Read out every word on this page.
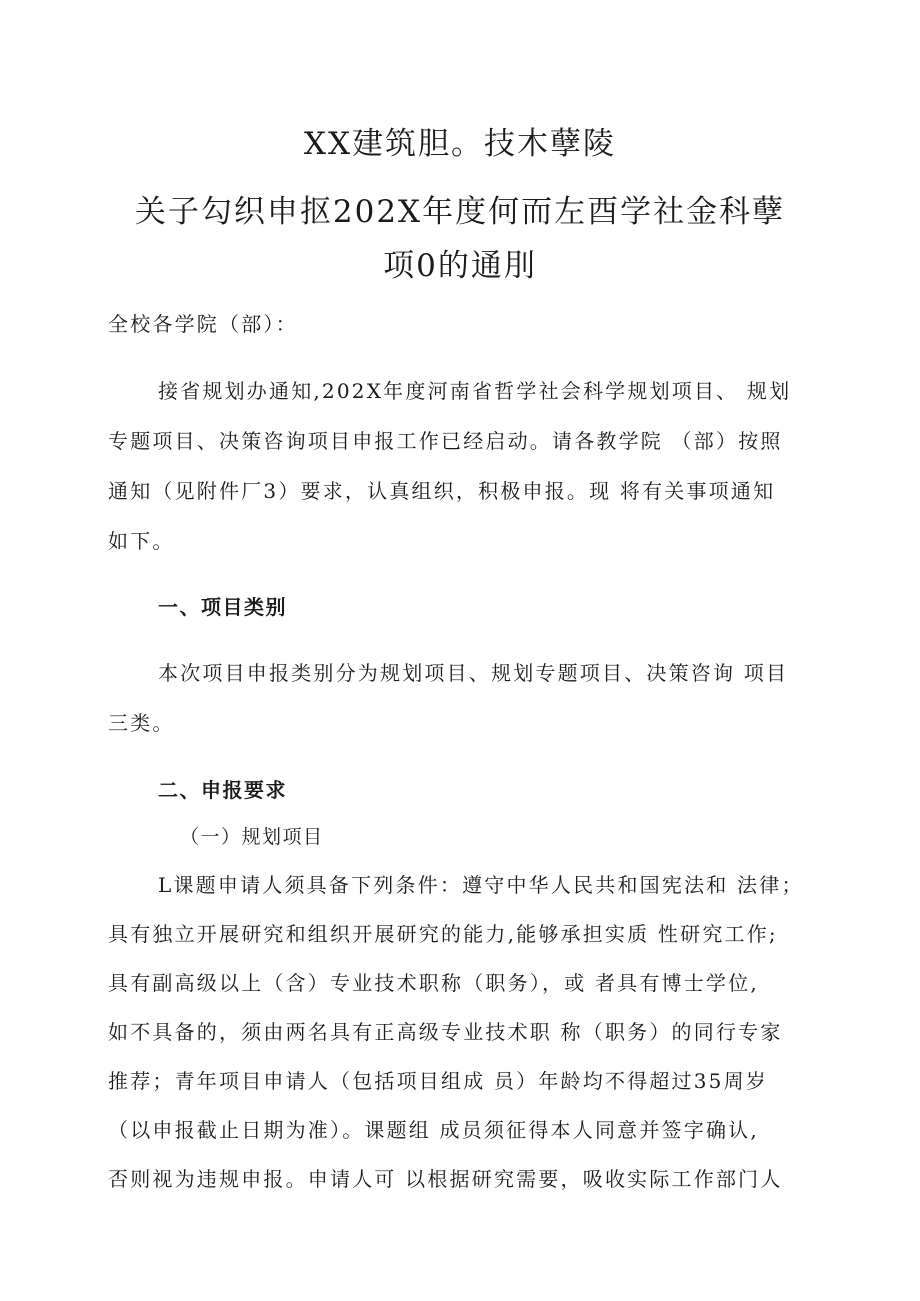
XX建筑胆。技木孽陵
关子勾织申抠202X年度何而左酉学社金科孽
项0的通刖

全校各学院（部）：

接省规划办通知,202X年度河南省哲学社会科学规划项目、 规划

专题项目、决策咨询项目申报工作已经启动。请各教学院 （部）按照

通知（见附件厂3）要求，认真组织，积极申报。现 将有关事项通知

如下。

一、项目类别

本次项目申报类别分为规划项目、规划专题项目、决策咨询 项目

三类。

二、申报要求

（一）规划项目

L课题申请人须具备下列条件：遵守中华人民共和国宪法和 法律；

具有独立开展研究和组织开展研究的能力,能够承担实质 性研究工作;

具有副高级以上（含）专业技术职称（职务），或 者具有博士学位,

如不具备的，须由两名具有正高级专业技术职 称（职务）的同行专家

推荐；青年项目申请人（包括项目组成 员）年龄均不得超过35周岁

（以申报截止日期为准）。课题组 成员须征得本人同意并签字确认,

否则视为违规申报。申请人可 以根据研究需要，吸收实际工作部门人
